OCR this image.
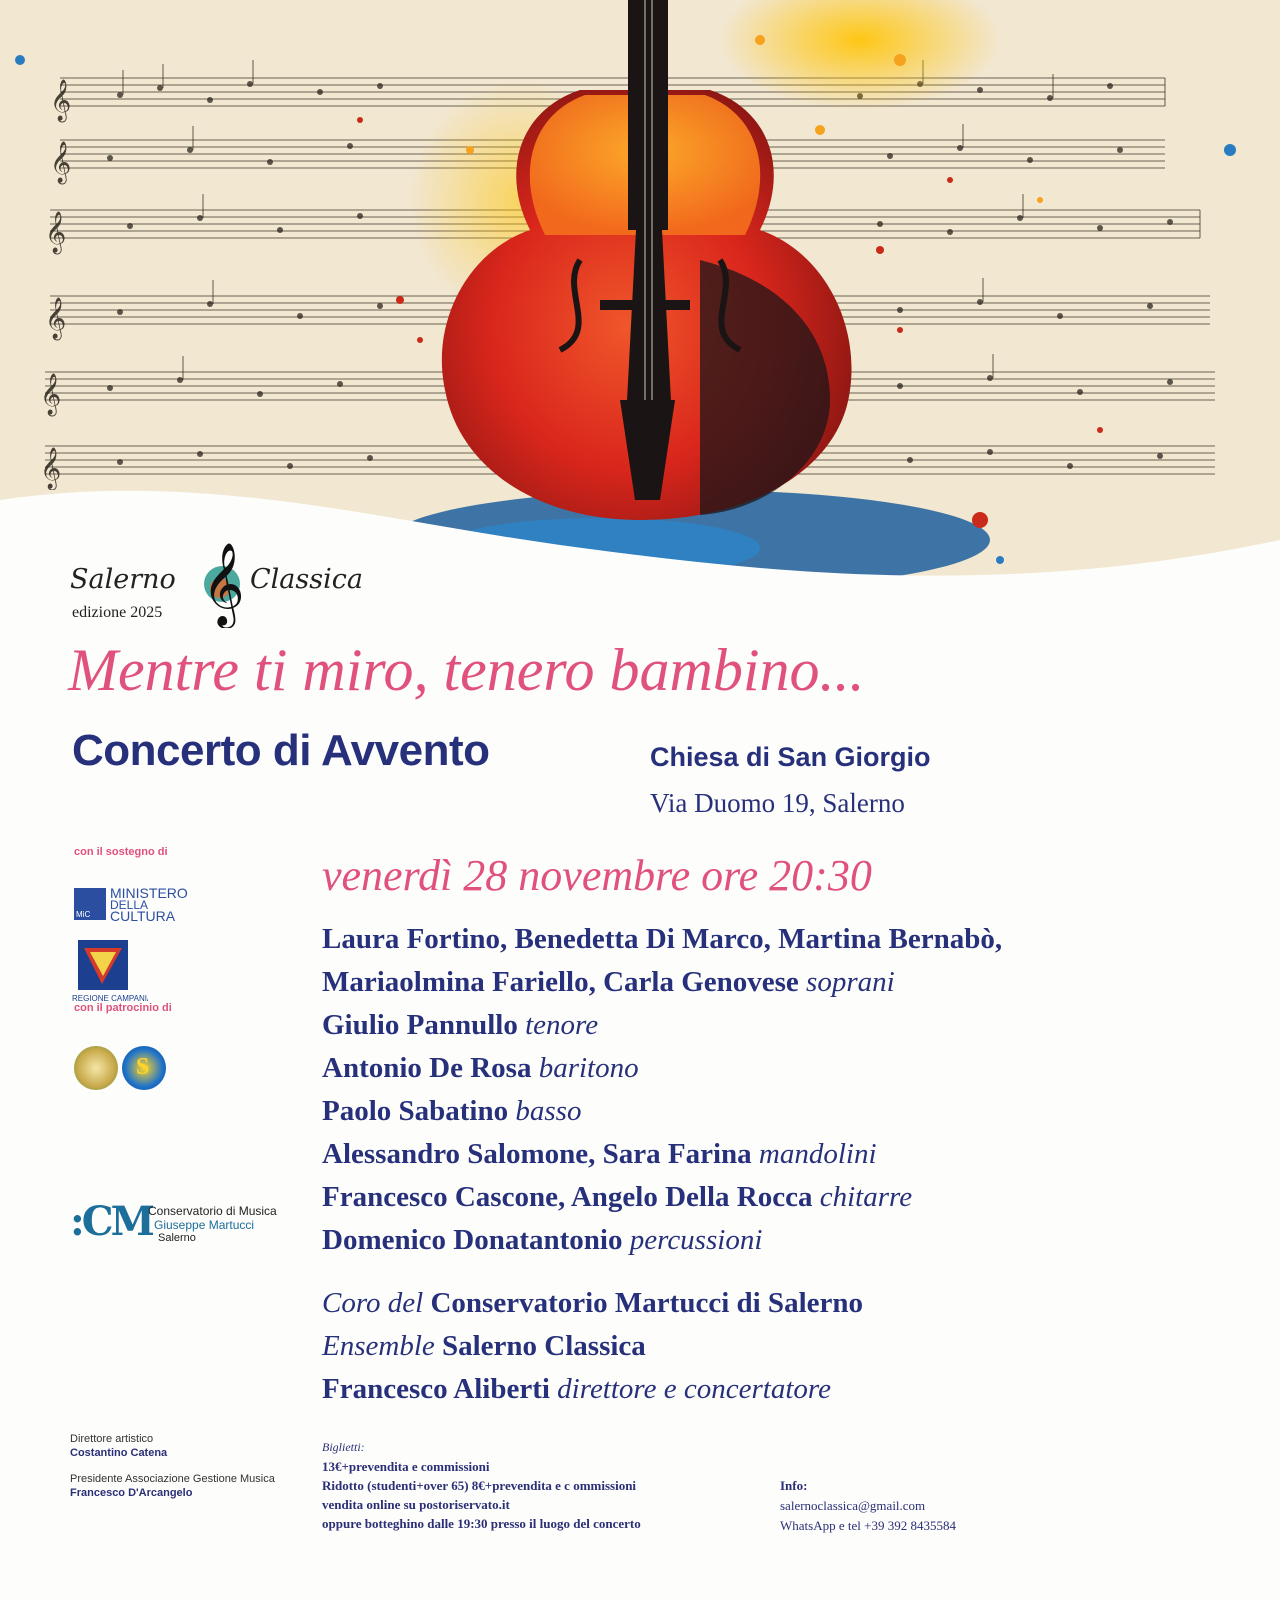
𝄞
𝄞
𝄞
𝄞
𝄞
𝄞
Salerno 𝄞 Classica
edizione 2025
Mentre ti miro, tenero bambino...
Concerto di Avvento	Chiesa di San Giorgio
Via Duomo 19, Salerno
venerdì 28 novembre ore 20:30
Laura Fortino, Benedetta Di Marco, Martina Bernabò,
Mariaolmina Fariello, Carla Genovese soprani
Giulio Pannullo tenore
Antonio De Rosa baritono
Paolo Sabatino basso
Alessandro Salomone, Sara Farina mandolini
Francesco Cascone, Angelo Della Rocca chitarre
Domenico Donatantonio percussioni
Coro del Conservatorio Martucci di Salerno
Ensemble Salerno Classica
Francesco Aliberti direttore e concertatore
con il sostegno di
MiC
MINISTERO
DELLA
CULTURA
REGIONE CAMPANIA
con il patrocinio di
S
:CM
Conservatorio di Musica
Giuseppe Martucci
Salerno
Direttore artistico
Costantino Catena
Presidente Associazione Gestione Musica
Francesco D'Arcangelo
Biglietti:
13€+prevendita e commissioni
Ridotto (studenti+over 65) 8€+prevendita e c ommissioni
vendita online su postoriservato.it
oppure botteghino dalle 19:30 presso il luogo del concerto
Info:
salernoclassica@gmail.com
WhatsApp e tel +39 392 8435584
